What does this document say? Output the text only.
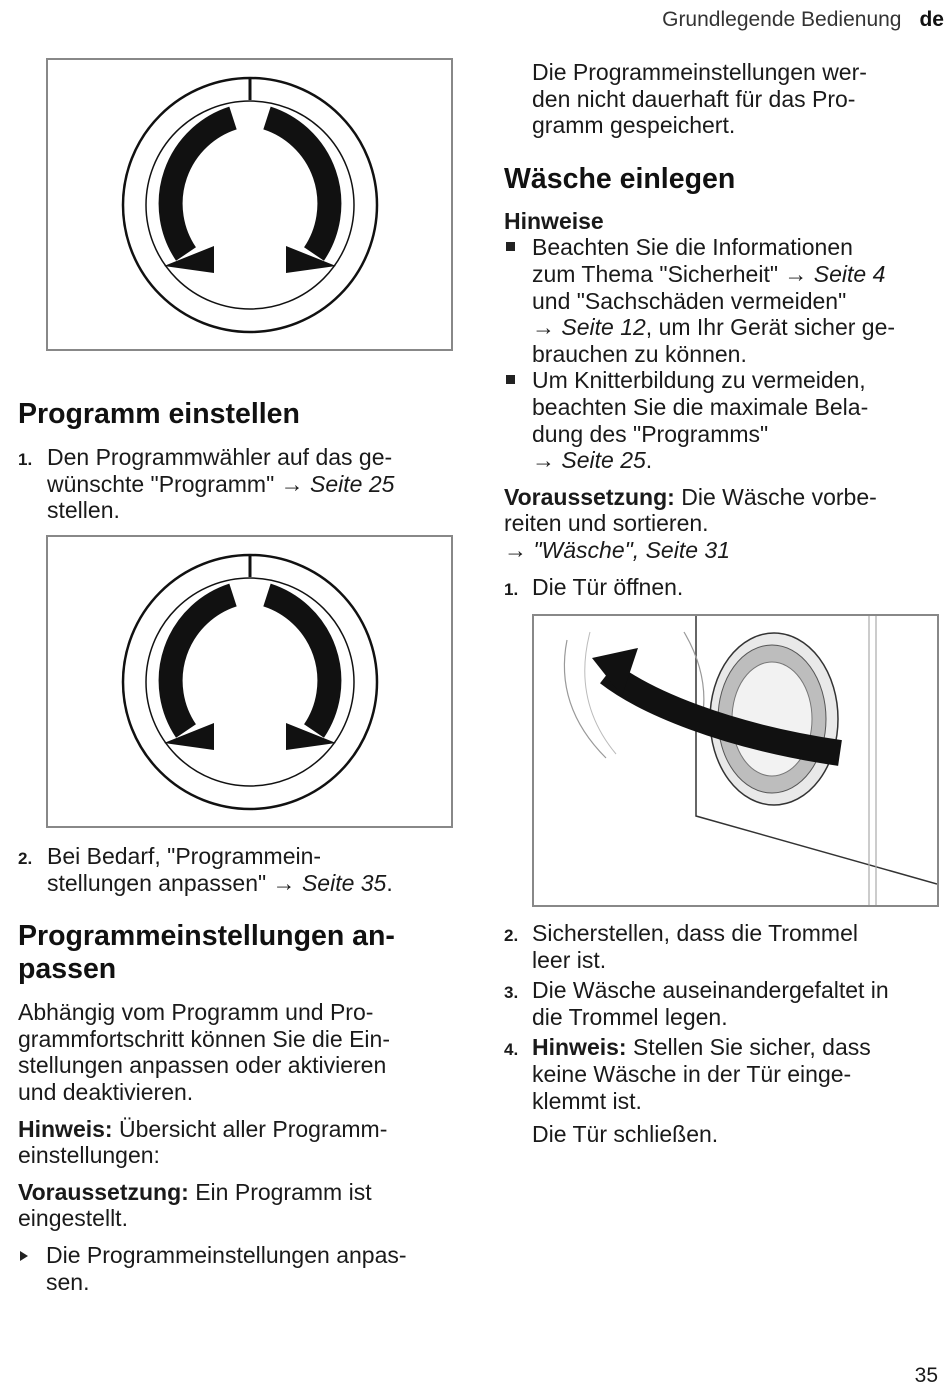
Grundlegende Bedienung de
Programm einstellen
1. Den Programmwähler auf das ge-
wünschte "Programm" → Seite 25
stellen.
2. Bei Bedarf, "Programmein-
stellungen anpassen" → Seite 35.
Programmeinstellungen an-
passen
Abhängig vom Programm und Pro-
grammfortschritt können Sie die Ein-
stellungen anpassen oder aktivieren
und deaktivieren.
Hinweis: Übersicht aller Programm-
einstellungen:
Voraussetzung: Ein Programm ist
eingestellt.
Die Programmeinstellungen anpas-
sen.
Die Programmeinstellungen wer-
den nicht dauerhaft für das Pro-
gramm gespeichert.
Wäsche einlegen
Hinweise
Beachten Sie die Informationen
zum Thema "Sicherheit" → Seite 4
und "Sachschäden vermeiden"
→ Seite 12, um Ihr Gerät sicher ge-
brauchen zu können.
Um Knitterbildung zu vermeiden,
beachten Sie die maximale Bela-
dung des "Programms"
→ Seite 25.
Voraussetzung: Die Wäsche vorbe-
reiten und sortieren.
→ "Wäsche", Seite 31
1. Die Tür öffnen.
2. Sicherstellen, dass die Trommel
leer ist.
3. Die Wäsche auseinandergefaltet in
die Trommel legen.
4. Hinweis: Stellen Sie sicher, dass
keine Wäsche in der Tür einge-
klemmt ist.
Die Tür schließen.
35
